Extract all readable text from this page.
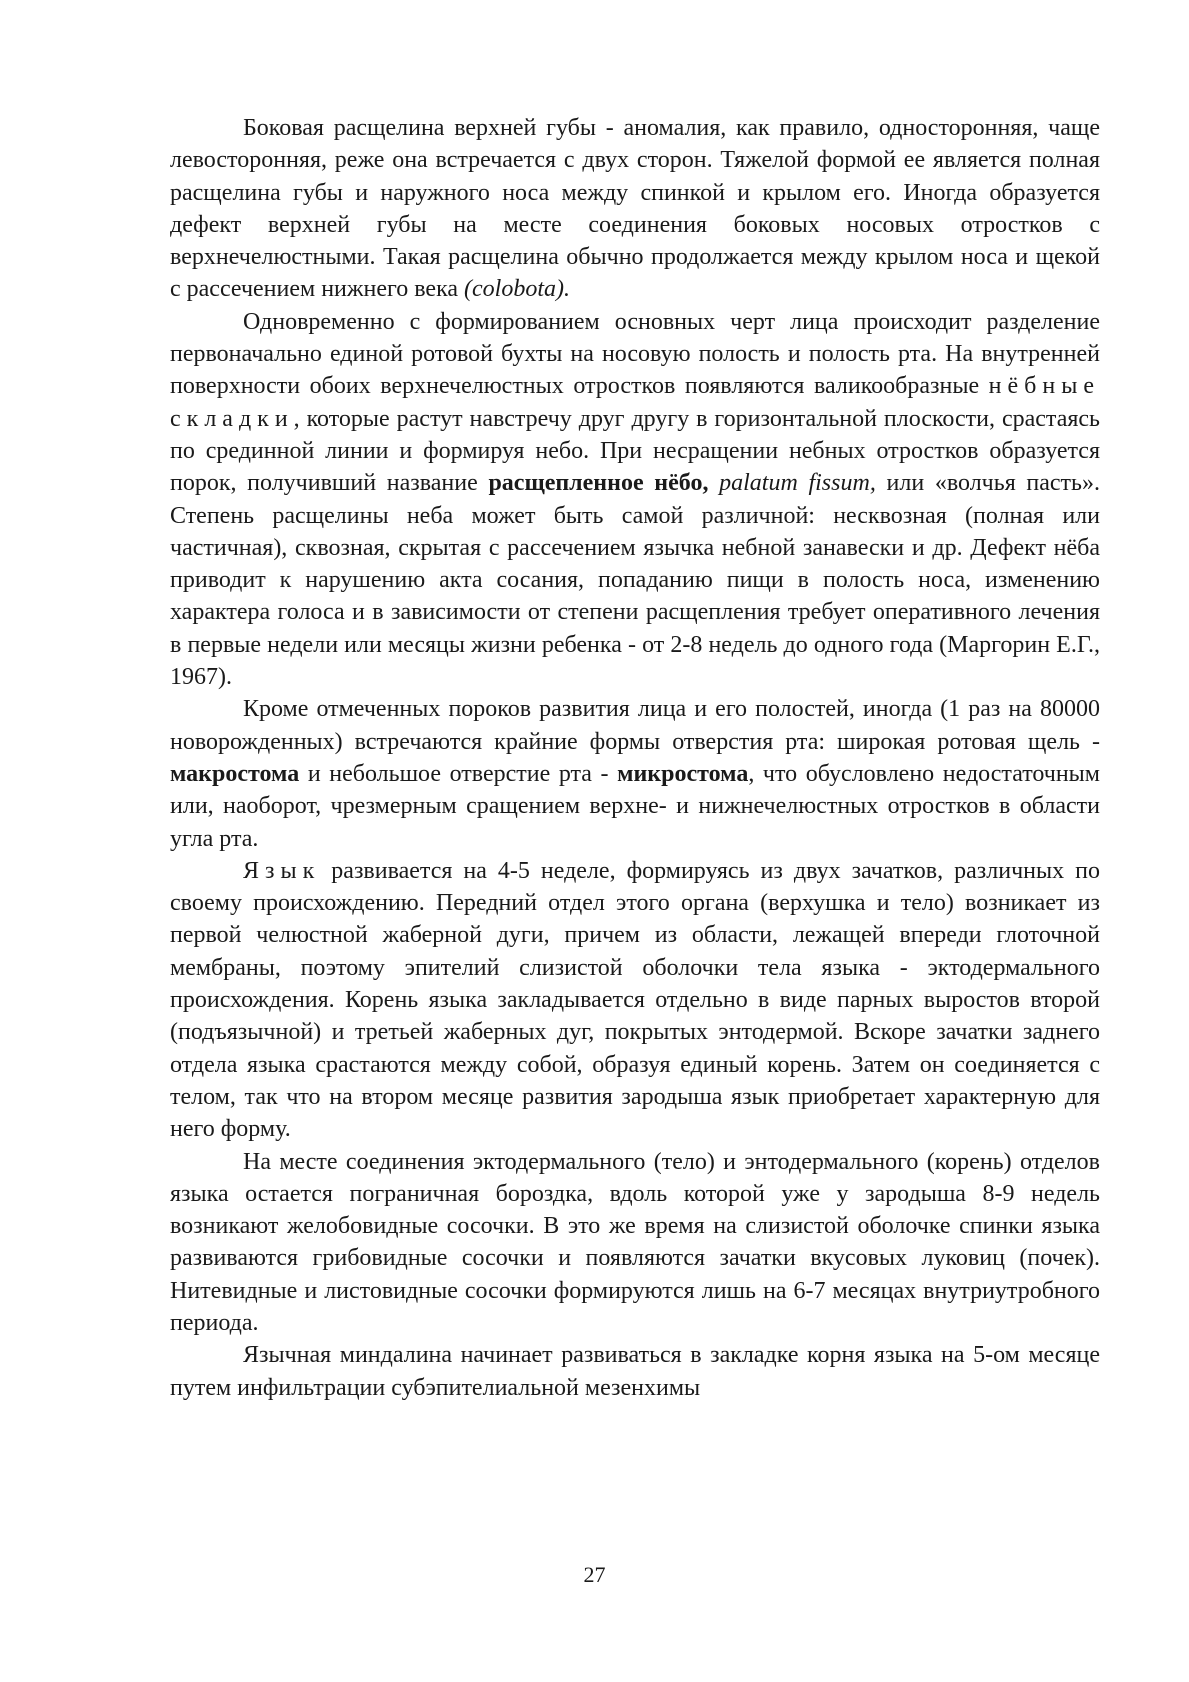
Боковая расщелина верхней губы - аномалия, как правило, односторонняя, чаще левосторонняя, реже она встречается с двух сторон. Тяжелой формой ее является полная расщелина губы и наружного носа между спинкой и крылом его. Иногда образуется дефект верхней губы на месте соединения боковых носовых отростков с верхнечелюстными. Такая расщелина обычно продолжается между крылом носа и щекой с рассечением нижнего века (colobota).

Одновременно с формированием основных черт лица происходит разделение первоначально единой ротовой бухты на носовую полость и полость рта. На внутренней поверхности обоих верхнечелюстных отростков появляются валикообразные нёбные складки, которые растут навстречу друг другу в горизонтальной плоскости, срастаясь по срединной линии и формируя небо. При несращении небных отростков образуется порок, получивший название расщепленное нёбо, palatum fissum, или «волчья пасть». Степень расщелины неба может быть самой различной: несквозная (полная или частичная), сквозная, скрытая с рассечением язычка небной занавески и др. Дефект нёба приводит к нарушению акта сосания, попаданию пищи в полость носа, изменению характера голоса и в зависимости от степени расщепления требует оперативного лечения в первые недели или месяцы жизни ребенка - от 2-8 недель до одного года (Маргорин Е.Г., 1967).

Кроме отмеченных пороков развития лица и его полостей, иногда (1 раз на 80000 новорожденных) встречаются крайние формы отверстия рта: широкая ротовая щель - макростома и небольшое отверстие рта - микростома, что обусловлено недостаточным или, наоборот, чрезмерным сращением верхне- и нижнечелюстных отростков в области угла рта.

Язык развивается на 4-5 неделе, формируясь из двух зачатков, различных по своему происхождению. Передний отдел этого органа (верхушка и тело) возникает из первой челюстной жаберной дуги, причем из области, лежащей впереди глоточной мембраны, поэтому эпителий слизистой оболочки тела языка - эктодермального происхождения. Корень языка закладывается отдельно в виде парных выростов второй (подъязычной) и третьей жаберных дуг, покрытых энтодермой. Вскоре зачатки заднего отдела языка срастаются между собой, образуя единый корень. Затем он соединяется с телом, так что на втором месяце развития зародыша язык приобретает характерную для него форму.

На месте соединения эктодермального (тело) и энтодермального (корень) отделов языка остается пограничная бороздка, вдоль которой уже у зародыша 8-9 недель возникают желобовидные сосочки. В это же время на слизистой оболочке спинки языка развиваются грибовидные сосочки и появляются зачатки вкусовых луковиц (почек). Нитевидные и листовидные сосочки формируются лишь на 6-7 месяцах внутриутробного периода.

Язычная миндалина начинает развиваться в закладке корня языка на 5-ом месяце путем инфильтрации субэпителиальной мезенхимы

27
